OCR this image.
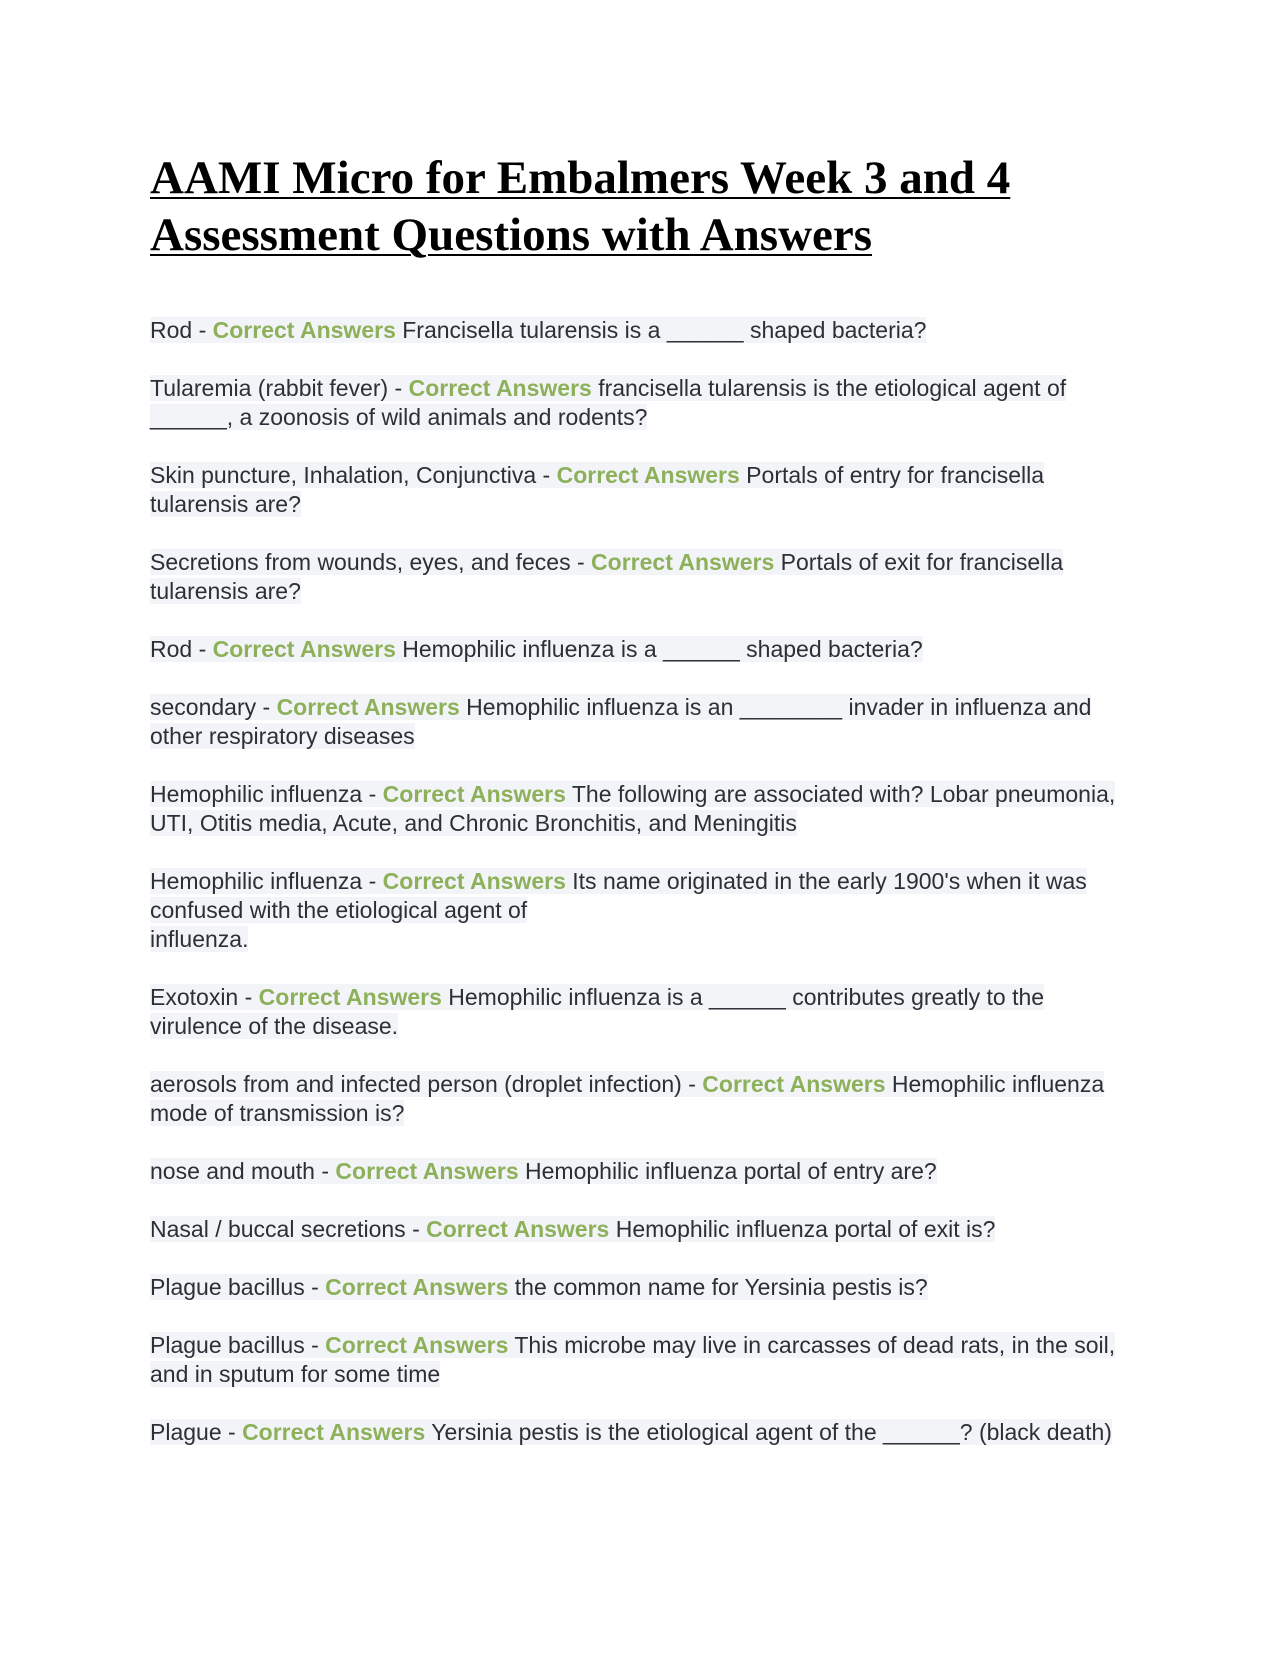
AAMI Micro for Embalmers Week 3 and 4 Assessment Questions with Answers
Rod - Correct Answers Francisella tularensis is a ______ shaped bacteria?
Tularemia (rabbit fever) - Correct Answers francisella tularensis is the etiological agent of ______, a zoonosis of wild animals and rodents?
Skin puncture, Inhalation, Conjunctiva - Correct Answers Portals of entry for francisella tularensis are?
Secretions from wounds, eyes, and feces - Correct Answers Portals of exit for francisella tularensis are?
Rod - Correct Answers Hemophilic influenza is a ______ shaped bacteria?
secondary - Correct Answers Hemophilic influenza is an ________ invader in influenza and other respiratory diseases
Hemophilic influenza - Correct Answers The following are associated with? Lobar pneumonia, UTI, Otitis media, Acute, and Chronic Bronchitis, and Meningitis
Hemophilic influenza - Correct Answers Its name originated in the early 1900's when it was confused with the etiological agent of
influenza.
Exotoxin - Correct Answers Hemophilic influenza is a ______ contributes greatly to the virulence of the disease.
aerosols from and infected person (droplet infection) - Correct Answers Hemophilic influenza mode of transmission is?
nose and mouth - Correct Answers Hemophilic influenza portal of entry are?
Nasal / buccal secretions - Correct Answers Hemophilic influenza portal of exit is?
Plague bacillus - Correct Answers the common name for Yersinia pestis is?
Plague bacillus - Correct Answers This microbe may live in carcasses of dead rats, in the soil, and in sputum for some time
Plague - Correct Answers Yersinia pestis is the etiological agent of the ______? (black death)
